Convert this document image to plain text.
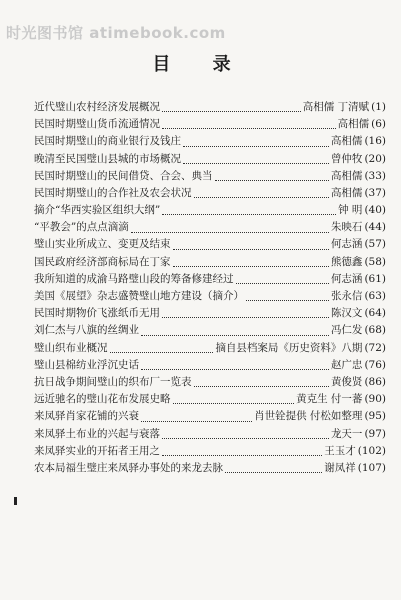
时光图书馆 atimebook.com
目 录
近代璧山农村经济发展概况	高相儒 丁清赋 (1)
民国时期璧山货币流通情况	高相儒 (6)
民国时期璧山的商业银行及钱庄	高相儒 (16)
晚清至民国璧山县城的市场概况	曾仲牧 (20)
民国时期璧山的民间借贷、合会、典当	高相儒 (33)
民国时期璧山的合作社及农会状况	高相儒 (37)
摘介“华西实验区组织大纲”	钟 明 (40)
“平教会”的点点滴滴	朱映石 (44)
璧山实业所成立、变更及结束	何志涵 (57)
国民政府经济部商标局在丁家	熊德鑫 (58)
我所知道的成渝马路璧山段的筹备修建经过	何志涵 (61)
美国《展望》杂志盛赞璧山地方建设（摘介）	张永信 (63)
民国时期物价飞涨纸币无用	陈汉文 (64)
刘仁杰与八旗的丝绸业	冯仁发 (68)
璧山织布业概况	摘自县档案局《历史资料》八期 (72)
璧山县棉纺业浮沉史话	赵广忠 (76)
抗日战争期间璧山的织布厂一览表	黄俊贤 (86)
远近驰名的璧山花布发展史略	黄克生 付一蕃 (90)
来凤驿肖家花铺的兴衰	肖世铨提供 付松如整理 (95)
来凤驿土布业的兴起与衰落	龙天一 (97)
来凤驿实业的开拓者王用之	王玉才 (102)
农本局福生璧庄来凤驿办事处的来龙去脉	谢凤祥 (107)
